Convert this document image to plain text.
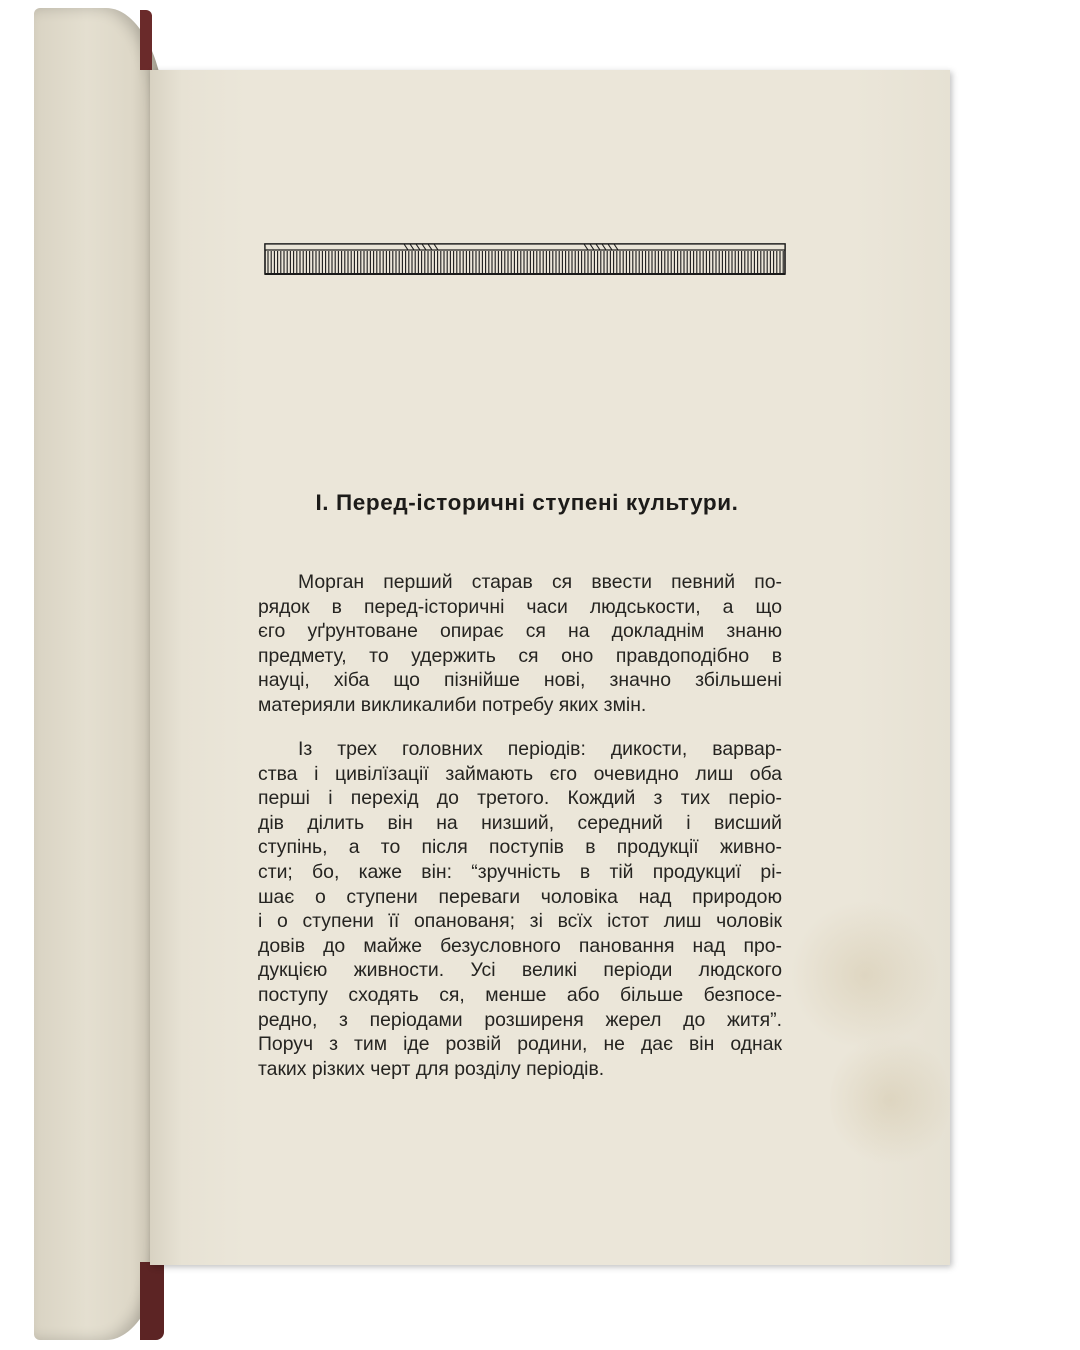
I. Перед-історичні ступені культури.
Морган перший старав ся ввести певний по-
рядок в перед-історичні часи людськости, а що
єго уґрунтоване опирає ся на докладнім знаню
предмету, то удержить ся оно правдоподібно в
науці, хіба що пізнійше нові, значно збільшені
материяли викликалиби потребу яких змін.
Із трех головних періодів: дикости, варвар-
ства і цивілїзації займають єго очевидно лиш оба
перші і перехід до третого. Кождий з тих періо-
дів ділить він на низший, середний і висший
ступінь, а то після поступів в продукції живно-
сти; бо, каже він: “зручність в тій продукциї рі-
шає о ступени переваги чоловіка над природою
і о ступени її опанованя; зі всїх істот лиш чоловік
довів до майже безусловного пановання над про-
дукцією живности. Усі великі періоди людского
поступу сходять ся, менше або більше безпосе-
редно, з періодами розширеня жерел до житя”.
Поруч з тим іде розвій родини, не дає він однак
таких різких черт для розділу періодів.
